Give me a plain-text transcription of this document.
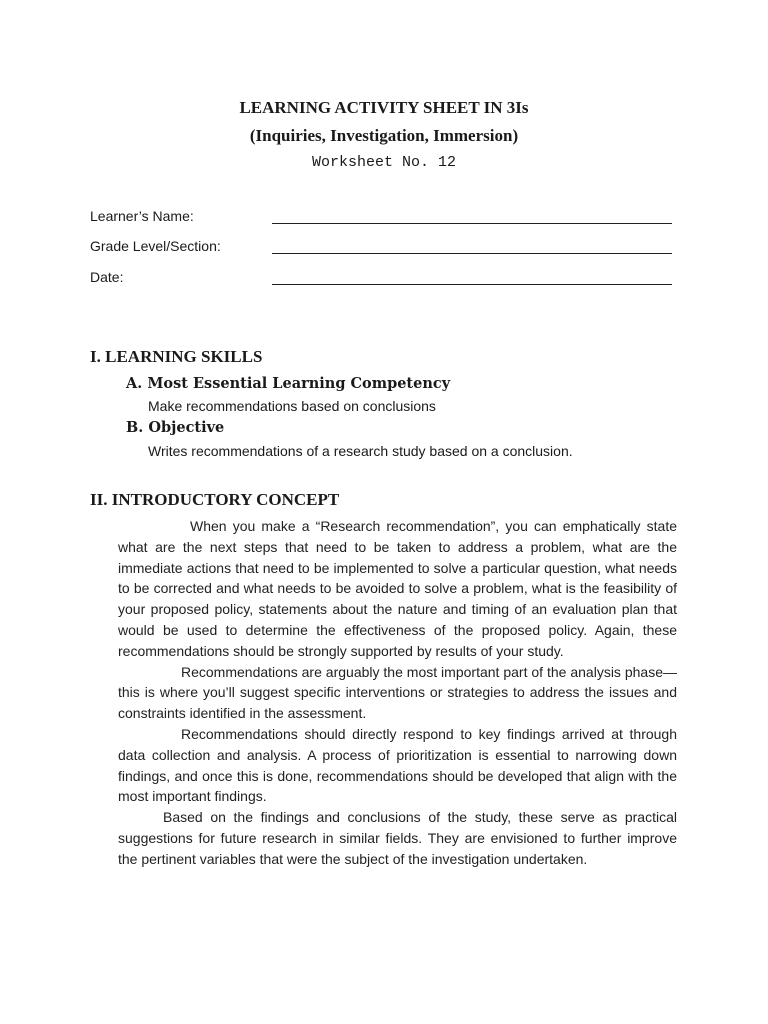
LEARNING ACTIVITY SHEET IN 3Is
(Inquiries, Investigation, Immersion)
Worksheet No. 12
Learner’s Name:
Grade Level/Section:
Date:
I. LEARNING SKILLS
A. Most Essential Learning Competency
Make recommendations based on conclusions
B. Objective
Writes recommendations of a research study based on a conclusion.
II. INTRODUCTORY CONCEPT

When you make a “Research recommendation”, you can emphatically state what are the next steps that need to be taken to address a problem, what are the immediate actions that need to be implemented to solve a particular question, what needs to be corrected and what needs to be avoided to solve a problem, what is the feasibility of your proposed policy, statements about the nature and timing of an evaluation plan that would be used to determine the effectiveness of the proposed policy. Again, these recommendations should be strongly supported by results of your study.

Recommendations are arguably the most important part of the analysis phase—this is where you’ll suggest specific interventions or strategies to address the issues and constraints identified in the assessment.

Recommendations should directly respond to key findings arrived at through data collection and analysis. A process of prioritization is essential to narrowing down findings, and once this is done, recommendations should be developed that align with the most important findings.

Based on the findings and conclusions of the study, these serve as practical suggestions for future research in similar fields. They are envisioned to further improve the pertinent variables that were the subject of the investigation undertaken.
